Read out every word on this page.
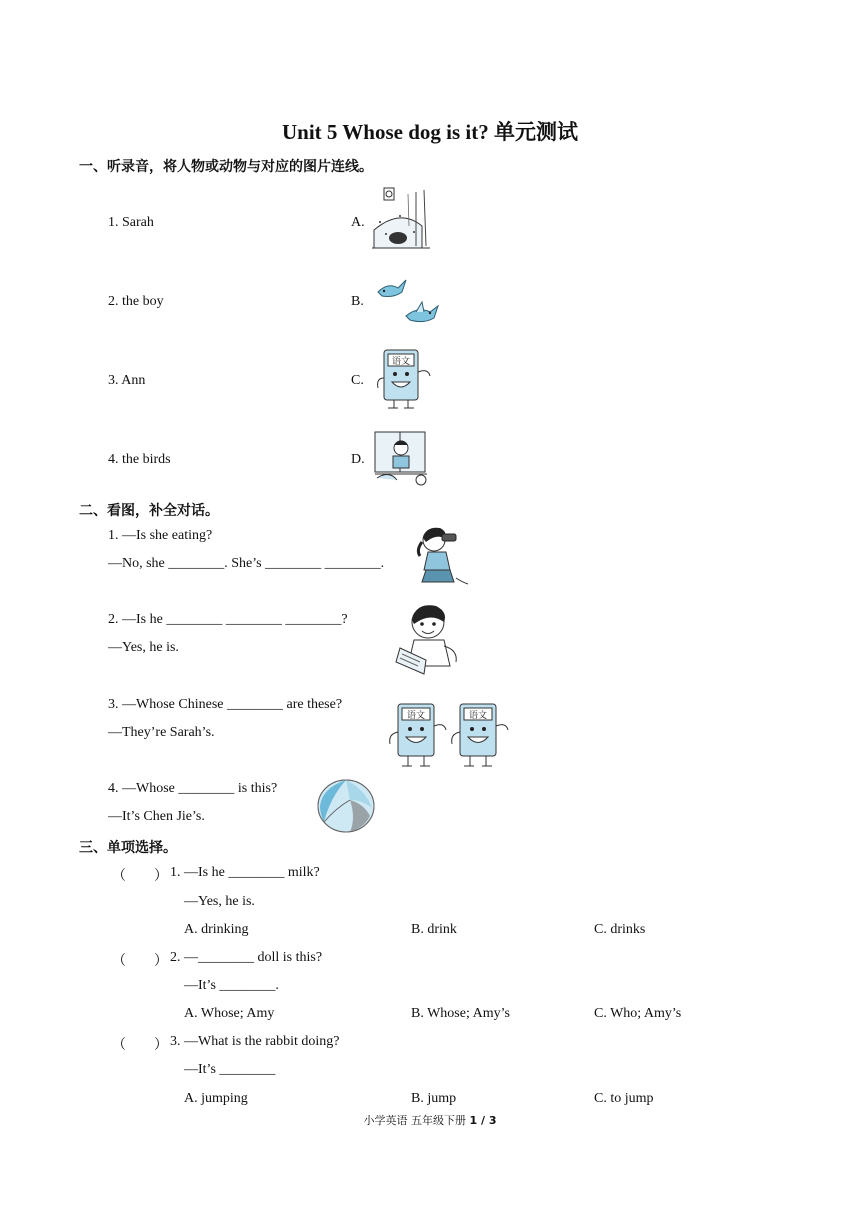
Unit 5 Whose dog is it? 单元测试
一、听录音，将人物或动物与对应的图片连线。
1. Sarah
2. the boy
3. Ann
4. the birds
A.
B.
C.
D.
语文
二、看图，补全对话。
1. —Is she eating?
—No, she ________. She’s ________ ________.
2. —Is he ________ ________ ________?
—Yes, he is.
3. —Whose Chinese ________ are these?
—They’re Sarah’s.
4. —Whose ________ is this?
—It’s Chen Jie’s.
语文	语文
三、单项选择。
（　　） 1. —Is he ________ milk?
—Yes, he is.
A. drinking	B. drink	C. drinks
（　　） 2. —________ doll is this?
—It’s ________.
A. Whose; Amy	B. Whose; Amy’s	C. Who; Amy’s
（　　） 3. —What is the rabbit doing?
—It’s ________
A. jumping	B. jump	C. to jump
小学英语 五年级下册 1 / 3
